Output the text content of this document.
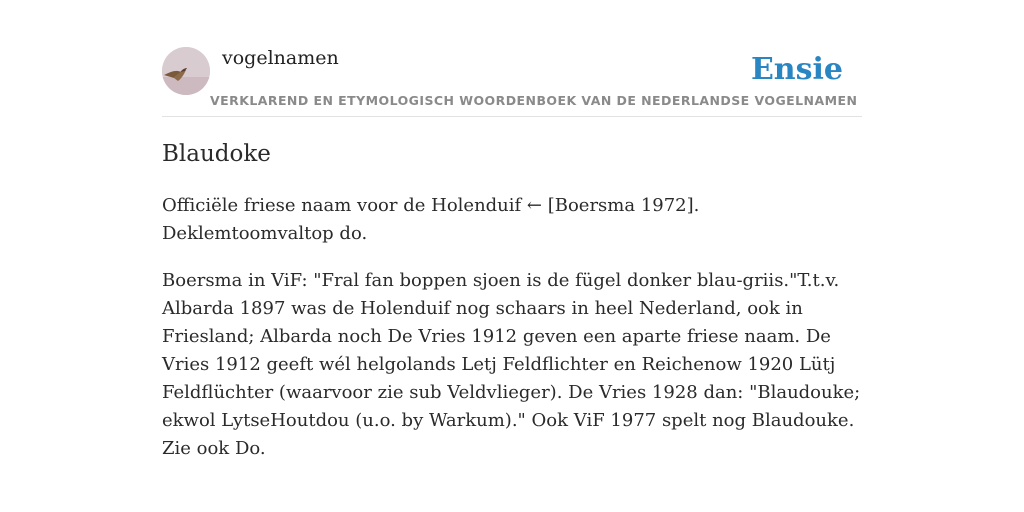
vogelnamen
VERKLAREND EN ETYMOLOGISCH WOORDENBOEK VAN DE NEDERLANDSE VOGELNAMEN
Ensie
Blaudoke

Officiële friese naam voor de Holenduif ← [Boersma 1972]. Deklemtoomvaltop do.

Boersma in ViF: "Fral fan boppen sjoen is de fügel donker blau-griis."T.t.v. Albarda 1897 was de Holenduif nog schaars in heel Nederland, ook in Friesland; Albarda noch De Vries 1912 geven een aparte friese naam. De Vries 1912 geeft wél helgolands Letj Feldflichter en Reichenow 1920 Lütj Feldflüchter (waarvoor zie sub Veldvlieger). De Vries 1928 dan: "Blaudouke; ekwol LytseHoutdou (u.o. by Warkum)." Ook ViF 1977 spelt nog Blaudouke. Zie ook Do.
